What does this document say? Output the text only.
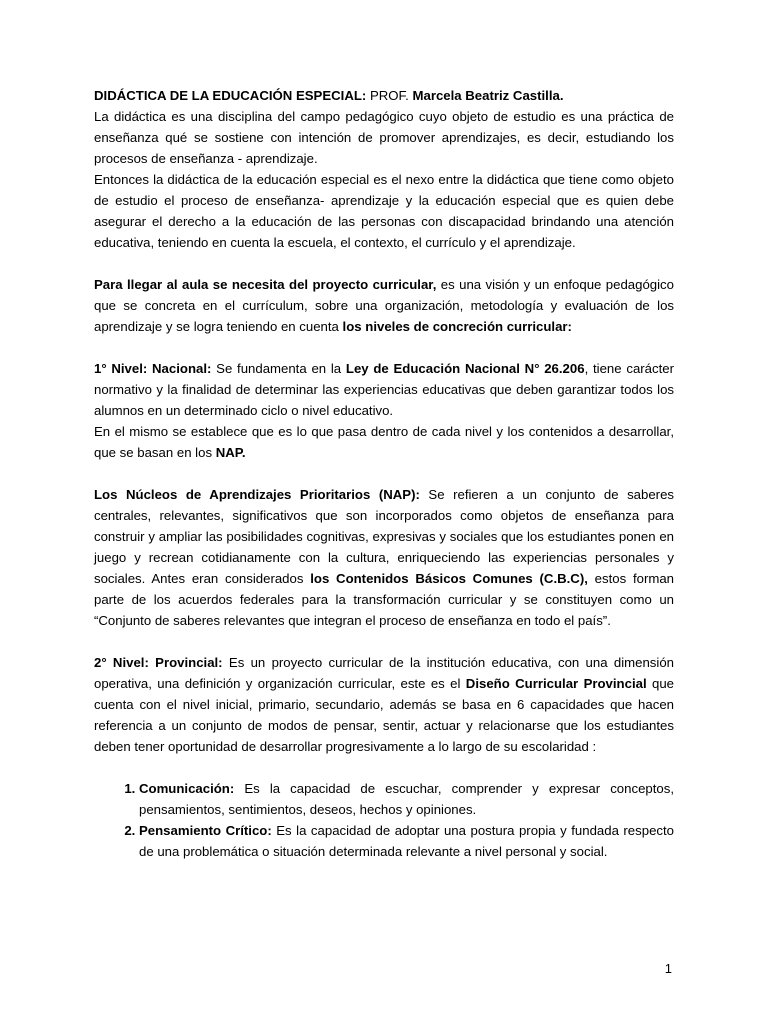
DIDÁCTICA DE LA EDUCACIÓN ESPECIAL: PROF. Marcela Beatriz Castilla.

La didáctica es una disciplina del campo pedagógico cuyo objeto de estudio es una práctica de enseñanza qué se sostiene con intención de promover aprendizajes, es decir, estudiando los procesos de enseñanza - aprendizaje.

Entonces la didáctica de la educación especial es el nexo entre la didáctica que tiene como objeto de estudio el proceso de enseñanza- aprendizaje y la educación especial que es quien debe asegurar el derecho a la educación de las personas con discapacidad brindando una atención educativa, teniendo en cuenta la escuela, el contexto, el currículo y el aprendizaje.

Para llegar al aula se necesita del proyecto curricular, es una visión y un enfoque pedagógico que se concreta en el currículum, sobre una organización, metodología y evaluación de los aprendizaje y se logra teniendo en cuenta los niveles de concreción curricular:

1° Nivel: Nacional: Se fundamenta en la Ley de Educación Nacional N° 26.206, tiene carácter normativo y la finalidad de determinar las experiencias educativas que deben garantizar todos los alumnos en un determinado ciclo o nivel educativo.

En el mismo se establece que es lo que pasa dentro de cada nivel y los contenidos a desarrollar, que se basan en los NAP.

Los Núcleos de Aprendizajes Prioritarios (NAP): Se refieren a un conjunto de saberes centrales, relevantes, significativos que son incorporados como objetos de enseñanza para construir y ampliar las posibilidades cognitivas, expresivas y sociales que los estudiantes ponen en juego y recrean cotidianamente con la cultura, enriqueciendo las experiencias personales y sociales. Antes eran considerados los Contenidos Básicos Comunes (C.B.C), estos forman parte de los acuerdos federales para la transformación curricular y se constituyen como un “Conjunto de saberes relevantes que integran el proceso de enseñanza en todo el país”.

2° Nivel: Provincial: Es un proyecto curricular de la institución educativa, con una dimensión operativa, una definición y organización curricular, este es el Diseño Curricular Provincial que cuenta con el nivel inicial, primario, secundario, además se basa en 6 capacidades que hacen referencia a un conjunto de modos de pensar, sentir, actuar y relacionarse que los estudiantes deben tener oportunidad de desarrollar progresivamente a lo largo de su escolaridad :

1. Comunicación: Es la capacidad de escuchar, comprender y expresar conceptos, pensamientos, sentimientos, deseos, hechos y opiniones.
2. Pensamiento Crítico: Es la capacidad de adoptar una postura propia y fundada respecto de una problemática o situación determinada relevante a nivel personal y social.
1
